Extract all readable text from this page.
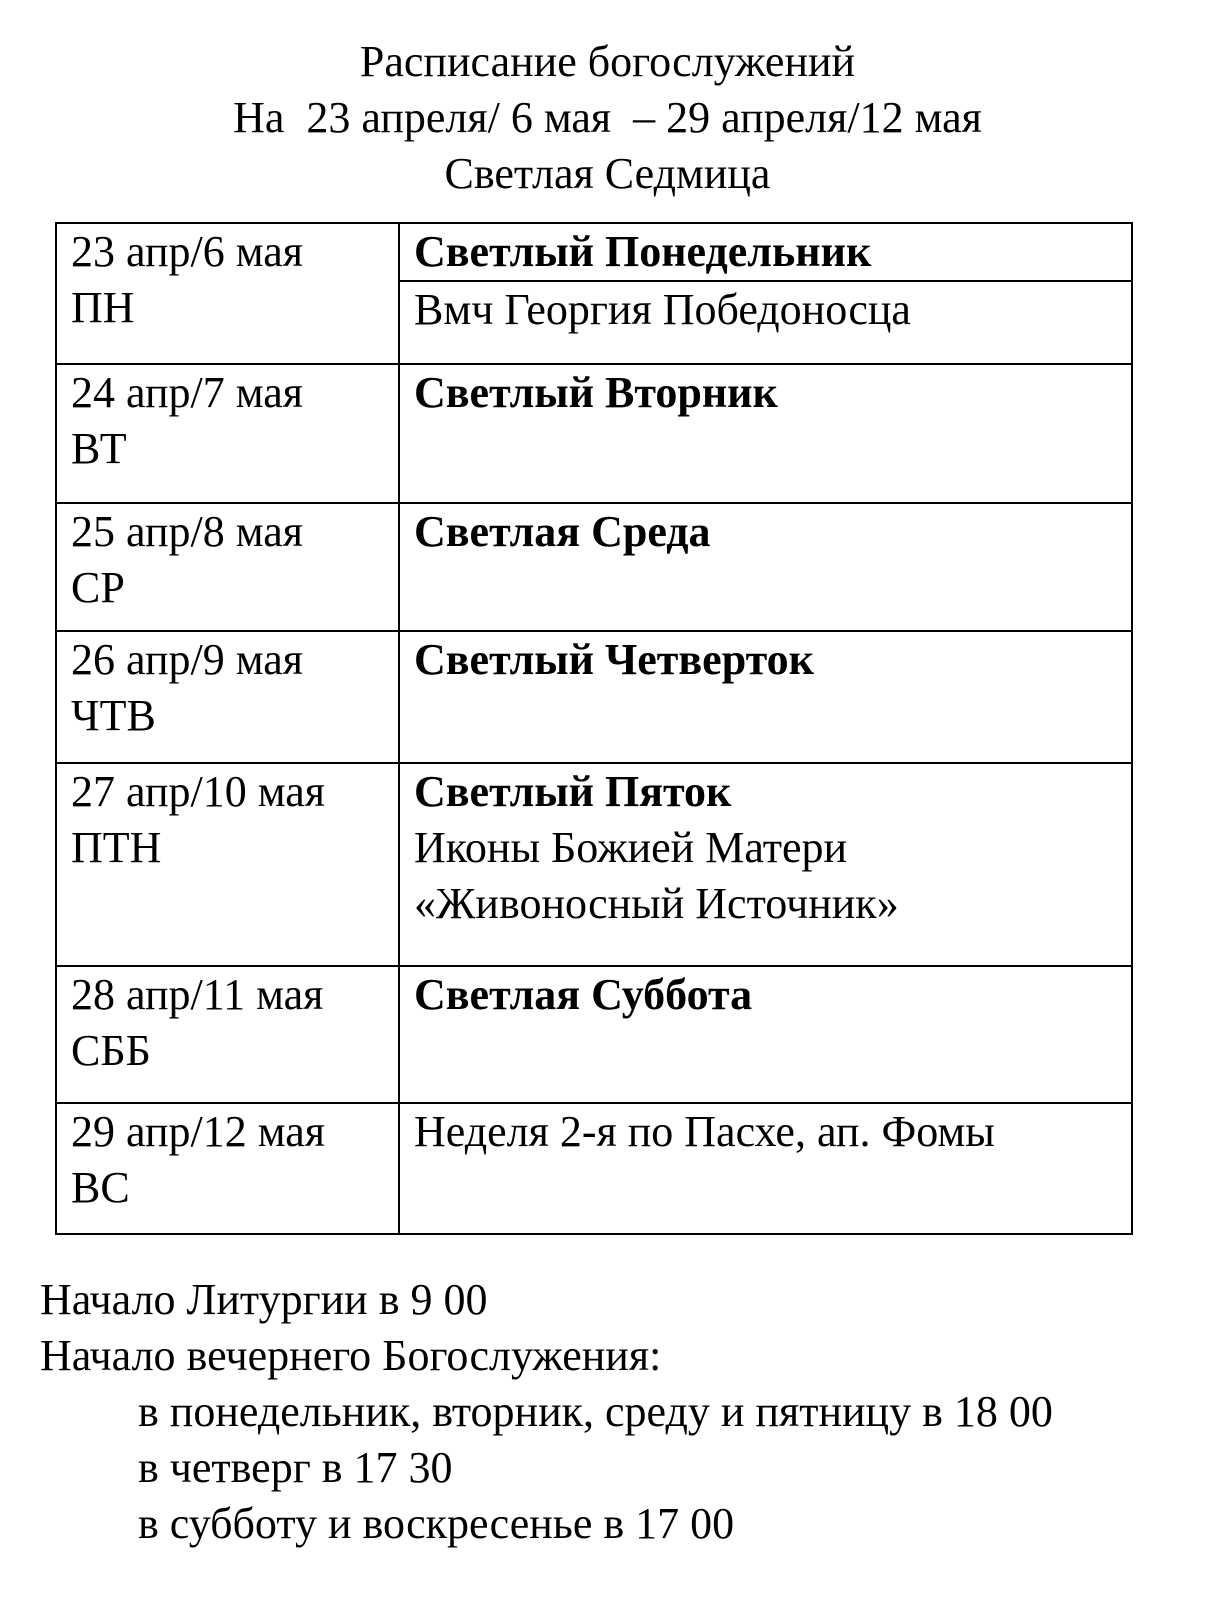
Расписание богослужений
На  23 апреля/ 6 мая  – 29 апреля/12 мая
Светлая Седмица
23 апр/6 мая
ПН	Светлый Понедельник
Вмч Георгия Победоносца

24 апр/7 мая
ВТ	Светлый Вторник

25 апр/8 мая
СР	Светлая Среда

26 апр/9 мая
ЧТВ	Светлый Четверток

27 апр/10 мая
ПТН	Светлый Пяток
Иконы Божией Матери
«Живоносный Источник»

28 апр/11 мая
СББ	Светлая Суббота

29 апр/12 мая
ВС	Неделя 2-я по Пасхе, ап. Фомы
Начало Литургии в 9 00
Начало вечернего Богослужения:
в понедельник, вторник, среду и пятницу в 18 00
в четверг в 17 30
в субботу и воскресенье в 17 00
